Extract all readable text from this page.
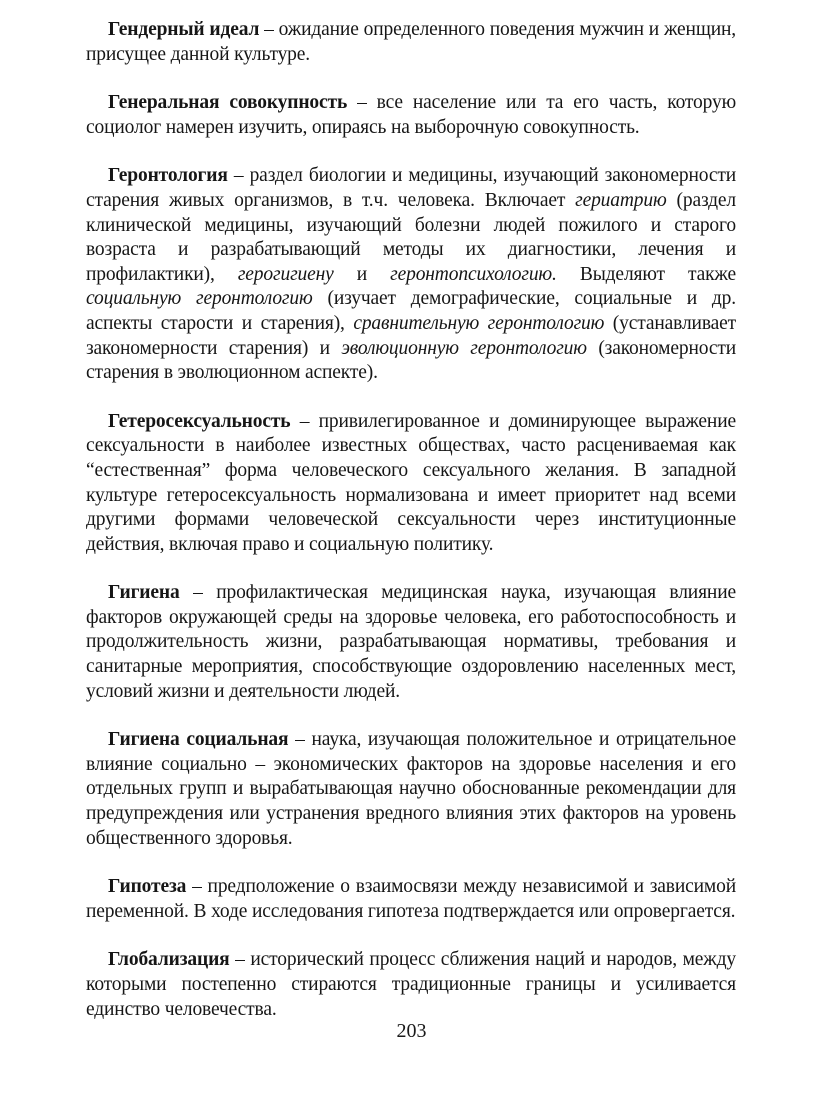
Гендерный идеал – ожидание определенного поведения мужчин и женщин, присущее данной культуре.

Генеральная совокупность – все население или та его часть, которую социолог намерен изучить, опираясь на выборочную совокупность.

Геронтология – раздел биологии и медицины, изучающий закономерности старения живых организмов, в т.ч. человека. Включает гериатрию (раздел клинической медицины, изучающий болезни людей пожилого и старого возраста и разрабатывающий методы их диагностики, лечения и профилактики), герогигиену и геронтопсихологию. Выделяют также социальную геронтологию (изучает демографические, социальные и др. аспекты старости и старения), сравнительную геронтологию (устанавливает закономерности старения) и эволюционную геронтологию (закономерности старения в эволюционном аспекте).

Гетеросексуальность – привилегированное и доминирующее выражение сексуальности в наиболее известных обществах, часто расцениваемая как “естественная” форма человеческого сексуального желания. В западной культуре гетеросексуальность нормализована и имеет приоритет над всеми другими формами человеческой сексуальности через институционные действия, включая право и социальную политику.

Гигиена – профилактическая медицинская наука, изучающая влияние факторов окружающей среды на здоровье человека, его работоспособность и продолжительность жизни, разрабатывающая нормативы, требования и санитарные мероприятия, способствующие оздоровлению населенных мест, условий жизни и деятельности людей.

Гигиена социальная – наука, изучающая положительное и отрицательное влияние социально – экономических факторов на здоровье населения и его отдельных групп и вырабатывающая научно обоснованные рекомендации для предупреждения или устранения вредного влияния этих факторов на уровень общественного здоровья.

Гипотеза – предположение о взаимосвязи между независимой и зависимой переменной. В ходе исследования гипотеза подтверждается или опровергается.

Глобализация – исторический процесс сближения наций и народов, между которыми постепенно стираются традиционные границы и усиливается единство человечества.

203
